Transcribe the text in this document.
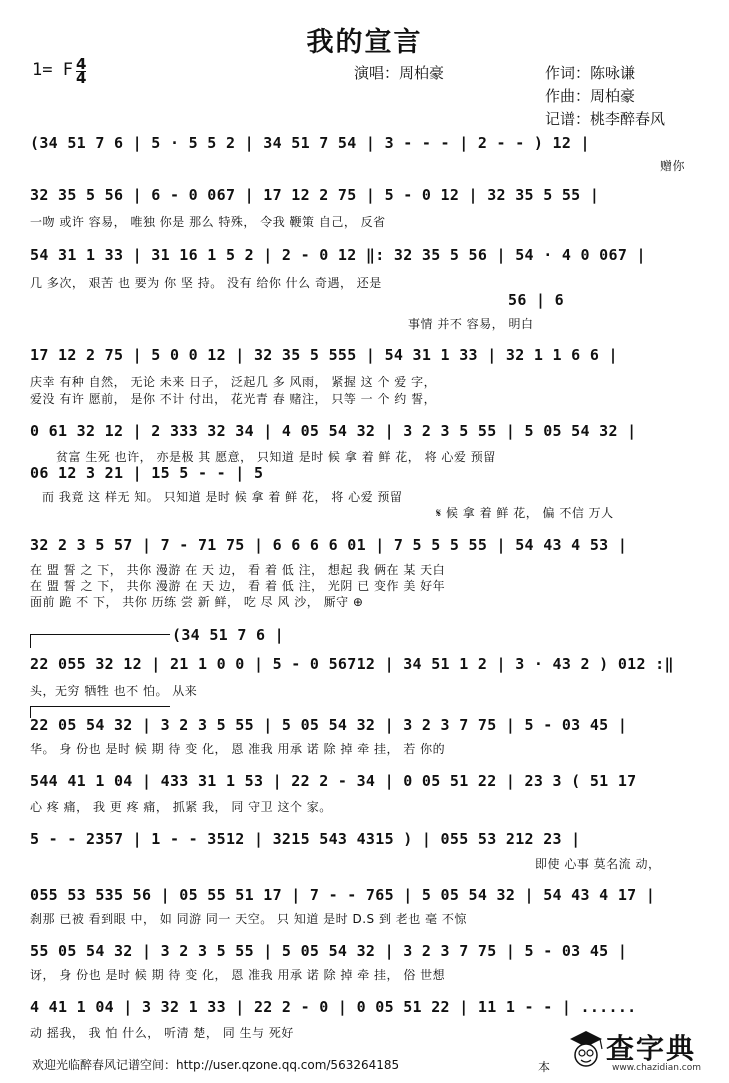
我的宣言
1= F $\frac{4}{4}$	演唱：周柏豪	作词：陈咏谦
作曲：周柏豪
记谱：桃李醉春风
(34 51 7 6 | 5 · 5 5 2 | 34 51 7 54 | 3 - - - | 2 - - ) 12 |
赠你
32 35 5 56 | 6 - 0 067 | 17 12 2 75 | 5 - 0 12 | 32 35 5 55 |
一吻 或许 容易， 唯独 你是 那么 特殊， 令我 鞭策 自己， 反省
54 31 1 33 | 31 16 1 5 2 | 2 - 0 12 ‖: 32 35 5 56 | 54 · 4 0 067 |
几 多次， 艰苦 也 要为 你 坚 持。 没有 给你 什么 奇遇， 还是
56 | 6
事情 并不 容易， 明白
17 12 2 75 | 5 0 0 12 | 32 35 5 555 | 54 31 1 33 | 32 1 1 6 6 |
庆幸 有种 自然， 无论 未来 日子， 泛起几 多 风雨， 紧握 这 个 爱 字，
爱没 有许 愿前， 是你 不计 付出， 花光青 春 赌注， 只等 一 个 约 誓，
0 61 32 12 | 2 333 32 34 | 4 05 54 32 | 3 2 3 5 55 | 5 05 54 32 |
贫富 生死 也许， 亦是极 其 愿意， 只知道 是时 候 拿 着 鲜 花， 将 心爱 预留
06 12 3 21 | 15 5 - - | 5
而 我竟 这 样无 知。 只知道 是时 候 拿 着 鲜 花， 将 心爱 预留
𝄋 候 拿 着 鲜 花， 偏 不信 万人
32 2 3 5 57 | 7 - 71 75 | 6 6 6 6 01 | 7 5 5 5 55 | 54 43 4 53 |
在 盟 誓 之 下， 共你 漫游 在 天 边， 看 着 低 注， 想起 我 俩在 某 天白
在 盟 誓 之 下， 共你 漫游 在 天 边， 看 着 低 注， 光阴 已 变作 美 好年
面前 跪 不 下， 共你 历练 尝 新 鲜， 吃 尽 风 沙， 厮守 ⊕
(34 51 7 6 |
22 055 32 12 | 21 1 0 0 | 5 - 0 56712 | 34 51 1 2 | 3 · 43 2 ) 012 :‖
头，无穷 牺牲 也不 怕。 从来
22 05 54 32 | 3 2 3 5 55 | 5 05 54 32 | 3 2 3 7 75 | 5 - 03 45 |
华。 身 份也 是时 候 期 待 变 化， 恩 准我 用承 诺 除 掉 牵 挂， 若 你的
544 41 1 04 | 433 31 1 53 | 22 2 - 34 | 0 05 51 22 | 23 3 ( 51 17
心 疼 痛， 我 更 疼 痛， 抓紧 我， 同 守卫 这个 家。
5 - - 2357 | 1 - - 3512 | 3215 543 4315 ) | 055 53 212 23 |
即使 心事 莫名流 动，
055 53 535 56 | 05 55 51 17 | 7 - - 765 | 5 05 54 32 | 54 43 4 17 |
刹那 已被 看到眼 中， 如 同游 同一 天空。 只 知道 是时 D.S 到 老也 毫 不惊
55 05 54 32 | 3 2 3 5 55 | 5 05 54 32 | 3 2 3 7 75 | 5 - 03 45 |
讶， 身 份也 是时 候 期 待 变 化， 恩 准我 用承 诺 除 掉 牵 挂， 俗 世想
4 41 1 04 | 3 32 1 33 | 22 2 - 0 | 0 05 51 22 | 11 1 - - | ......
动 摇我， 我 怕 什么， 听清 楚， 同 生与 死好
欢迎光临醉春风记谱空间：http://user.qzone.qq.com/563264185	本
查字典
www.chazidian.com
